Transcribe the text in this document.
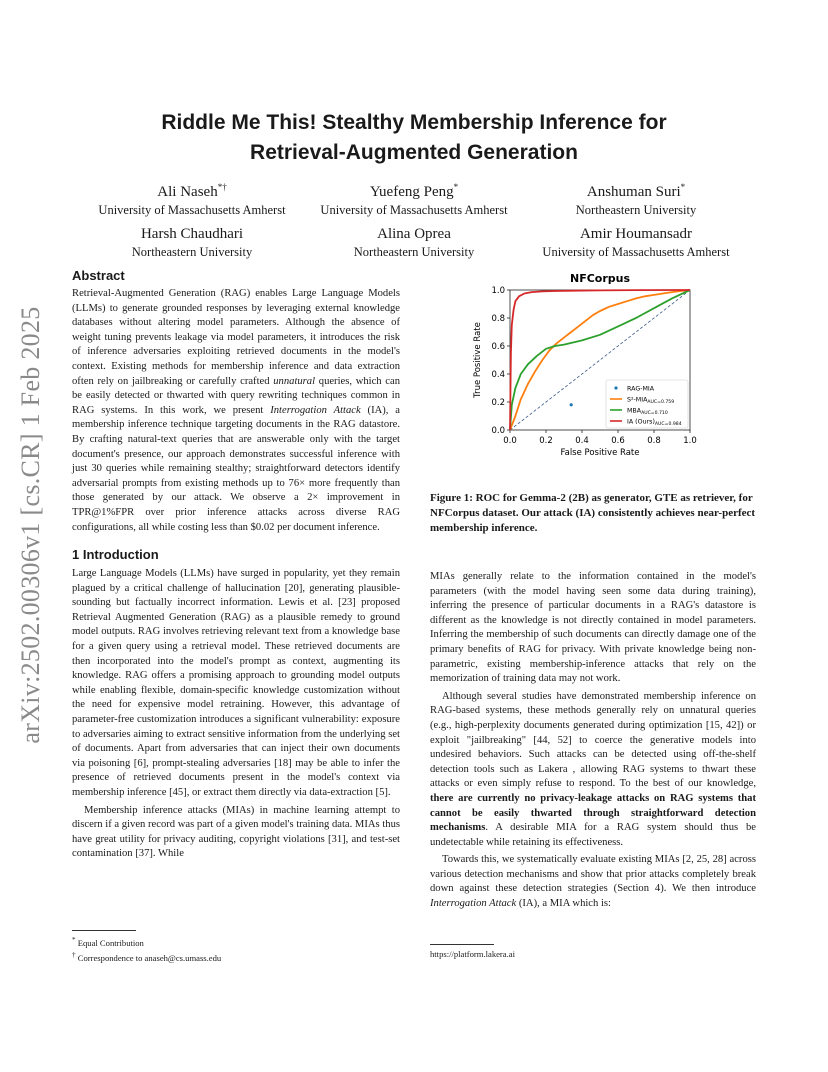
arXiv:2502.00306v1 [cs.CR] 1 Feb 2025
Riddle Me This! Stealthy Membership Inference for
Retrieval-Augmented Generation
Ali Naseh*†
University of Massachusetts Amherst
Yuefeng Peng*
University of Massachusetts Amherst
Anshuman Suri*
Northeastern University
Harsh Chaudhari
Northeastern University
Alina Oprea
Northeastern University
Amir Houmansadr
University of Massachusetts Amherst
Abstract

Retrieval-Augmented Generation (RAG) enables Large Language Models (LLMs) to generate grounded responses by leveraging external knowledge databases without altering model parameters. Although the absence of weight tuning prevents leakage via model parameters, it introduces the risk of inference adversaries exploiting retrieved documents in the model's context. Existing methods for membership inference and data extraction often rely on jailbreaking or carefully crafted unnatural queries, which can be easily detected or thwarted with query rewriting techniques common in RAG systems. In this work, we present Interrogation Attack (IA), a membership inference technique targeting documents in the RAG datastore. By crafting natural-text queries that are answerable only with the target document's presence, our approach demonstrates successful inference with just 30 queries while remaining stealthy; straightforward detectors identify adversarial prompts from existing methods up to 76× more frequently than those generated by our attack. We observe a 2× improvement in TPR@1%FPR over prior inference attacks across diverse RAG configurations, all while costing less than $0.02 per document inference.

1 Introduction

Large Language Models (LLMs) have surged in popularity, yet they remain plagued by a critical challenge of hallucination [20], generating plausible-sounding but factually incorrect information. Lewis et al. [23] proposed Retrieval Augmented Generation (RAG) as a plausible remedy to ground model outputs. RAG involves retrieving relevant text from a knowledge base for a given query using a retrieval model. These retrieved documents are then incorporated into the model's prompt as context, augmenting its knowledge. RAG offers a promising approach to grounding model outputs while enabling flexible, domain-specific knowledge customization without the need for expensive model retraining. However, this advantage of parameter-free customization introduces a significant vulnerability: exposure to adversaries aiming to extract sensitive information from the underlying set of documents. Apart from adversaries that can inject their own documents via poisoning [6], prompt-stealing adversaries [18] may be able to infer the presence of retrieved documents present in the model's context via membership inference [45], or extract them directly via data-extraction [5].

Membership inference attacks (MIAs) in machine learning attempt to discern if a given record was part of a given model's training data. MIAs thus have great utility for privacy auditing, copyright violations [31], and test-set contamination [37]. While

* Equal Contribution
† Correspondence to anaseh@cs.umass.edu
NFCorpus
0.0
0.0
0.2
0.2
0.4
0.4
0.6
0.6
0.8
0.8
1.0
1.0
False Positive Rate
True Positive Rate	RAG-MIA
$S^2-MIA_{AUC=0.759}$
$MBA_{AUC=0.710}$
IA $(Ours)_{AUC=0.984}$
Figure 1: ROC for Gemma-2 (2B) as generator, GTE as retriever, for NFCorpus dataset. Our attack (IA) consistently achieves near-perfect membership inference.

MIAs generally relate to the information contained in the model's parameters (with the model having seen some data during training), inferring the presence of particular documents in a RAG's datastore is different as the knowledge is not directly contained in model parameters. Inferring the membership of such documents can directly damage one of the primary benefits of RAG for privacy. With private knowledge being non-parametric, existing membership-inference attacks that rely on the memorization of training data may not work.

Although several studies have demonstrated membership inference on RAG-based systems, these methods generally rely on unnatural queries (e.g., high-perplexity documents generated during optimization [15, 42]) or exploit "jailbreaking" [44, 52] to coerce the generative models into undesired behaviors. Such attacks can be detected using off-the-shelf detection tools such as Lakera , allowing RAG systems to thwart these attacks or even simply refuse to respond. To the best of our knowledge, there are currently no privacy-leakage attacks on RAG systems that cannot be easily thwarted through straightforward detection mechanisms. A desirable MIA for a RAG system should thus be undetectable while retaining its effectiveness.

Towards this, we systematically evaluate existing MIAs [2, 25, 28] across various detection mechanisms and show that prior attacks completely break down against these detection strategies (Section 4). We then introduce Interrogation Attack (IA), a MIA which is:

https://platform.lakera.ai
